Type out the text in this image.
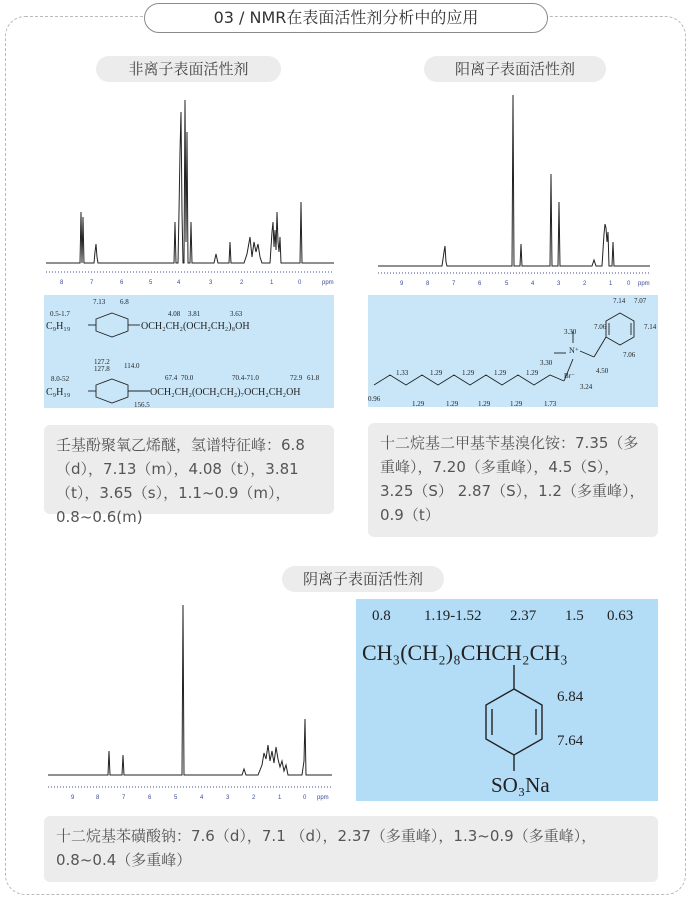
03 / NMR在表面活性剂分析中的应用
非离子表面活性剂
8	7	6	5	4	3	2	1	0	ppm
7.13 6.8
4.08 3.81	3.63
0.5-1.7
C₉H₁₉	OCH₂CH₂(OCH₂CH₂)₈OH
127.2
127.8 114.0
8.0-52	67.4 70.0	70.4-71.0	72.9 61.8
156.5
C₉H₁₉	OCH₂CH₂(OCH₂CH₂)₇OCH₂CH₂OH
壬基酚聚氧乙烯醚，氢谱特征峰：6.8（d），7.13（m），4.08（t），3.81（t），3.65（s），1.1~0.9（m），0.8~0.6(m)
阳离子表面活性剂
9	8	7	6	5	4	3	2	1 0 ppm
7.14 7.07
7.06	7.14
7.06
3.30
3.30
4.50
3.24
Br⁻
N⁺
1.33	1.29	1.29	1.29	1.29
1.29	1.29	1.29	1.29	1.73
0.96
十二烷基二甲基苄基溴化铵：7.35（多重峰），7.20（多重峰），4.5（S），3.25（S） 2.87（S），1.2（多重峰），0.9（t）
阴离子表面活性剂
9	8	7	6	5	4	3	2	1	0 ppm
0.8 1.19-1.52 2.37 1.5 0.63
CH₃(CH₂)₈CHCH₂CH₃
6.84
7.64
SO₃Na
十二烷基苯磺酸钠：7.6（d），7.1 （d），2.37（多重峰），1.3~0.9（多重峰），0.8~0.4（多重峰）
